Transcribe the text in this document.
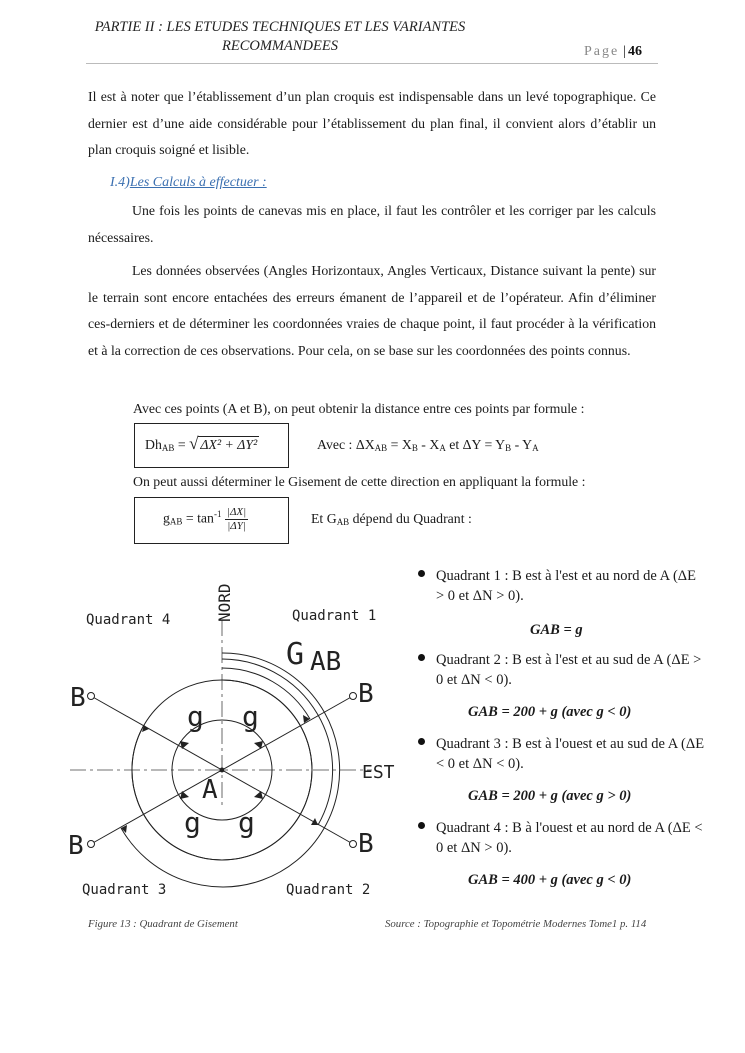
PARTIE II : LES ETUDES TECHNIQUES ET LES VARIANTES
RECOMMANDEES	Page | 46
Il est à noter que l’établissement d’un plan croquis est indispensable dans un levé topographique. Ce dernier est d’une aide considérable pour l’établissement du plan final, il convient alors d’établir un plan croquis soigné et lisible.
I.4)Les Calculs à effectuer :
Une fois les points de canevas mis en place, il faut les contrôler et les corriger par les calculs nécessaires.
Les données observées (Angles Horizontaux, Angles Verticaux, Distance suivant la pente) sur le terrain sont encore entachées des erreurs émanent de l’appareil et de l’opérateur. Afin d’éliminer ces-derniers et de déterminer les coordonnées vraies de chaque point, il faut procéder à la vérification et à la correction de ces observations. Pour cela, on se base sur les coordonnées des points connus.
Avec ces points (A et B), on peut obtenir la distance entre ces points par formule :
$Dh_{AB}$ = √ ΔX² + ΔY²	Avec : $\Delta X_{AB} = X_B - X_A$ et $\Delta Y = Y_B - Y_A$
On peut aussi déterminer le Gisement de cette direction en appliquant la formule :
$g_{AB} = \tan^{-1} \frac{|\Delta X|}{|\Delta Y|}$	Et $G_{AB}$ dépend du Quadrant :
NORD
EST
Quadrant 1
Quadrant 4
Quadrant 2
Quadrant 3
G AB
B	B
B	B
A
g g
g g
Quadrant 1 : B est à l'est et au nord de A (ΔE > 0 et ΔN > 0).
GAB = g
Quadrant 2 : B est à l'est et au sud de A (ΔE > 0 et ΔN < 0).
GAB = 200 + g (avec g < 0)
Quadrant 3 : B est à l'ouest et au sud de A (ΔE < 0 et ΔN < 0).
GAB = 200 + g (avec g > 0)
Quadrant 4 : B à l'ouest et au nord de A (ΔE < 0 et ΔN > 0).
GAB = 400 + g (avec g < 0)
Figure 13 : Quadrant de Gisement	Source : Topographie et Topométrie Modernes Tome1 p. 114
